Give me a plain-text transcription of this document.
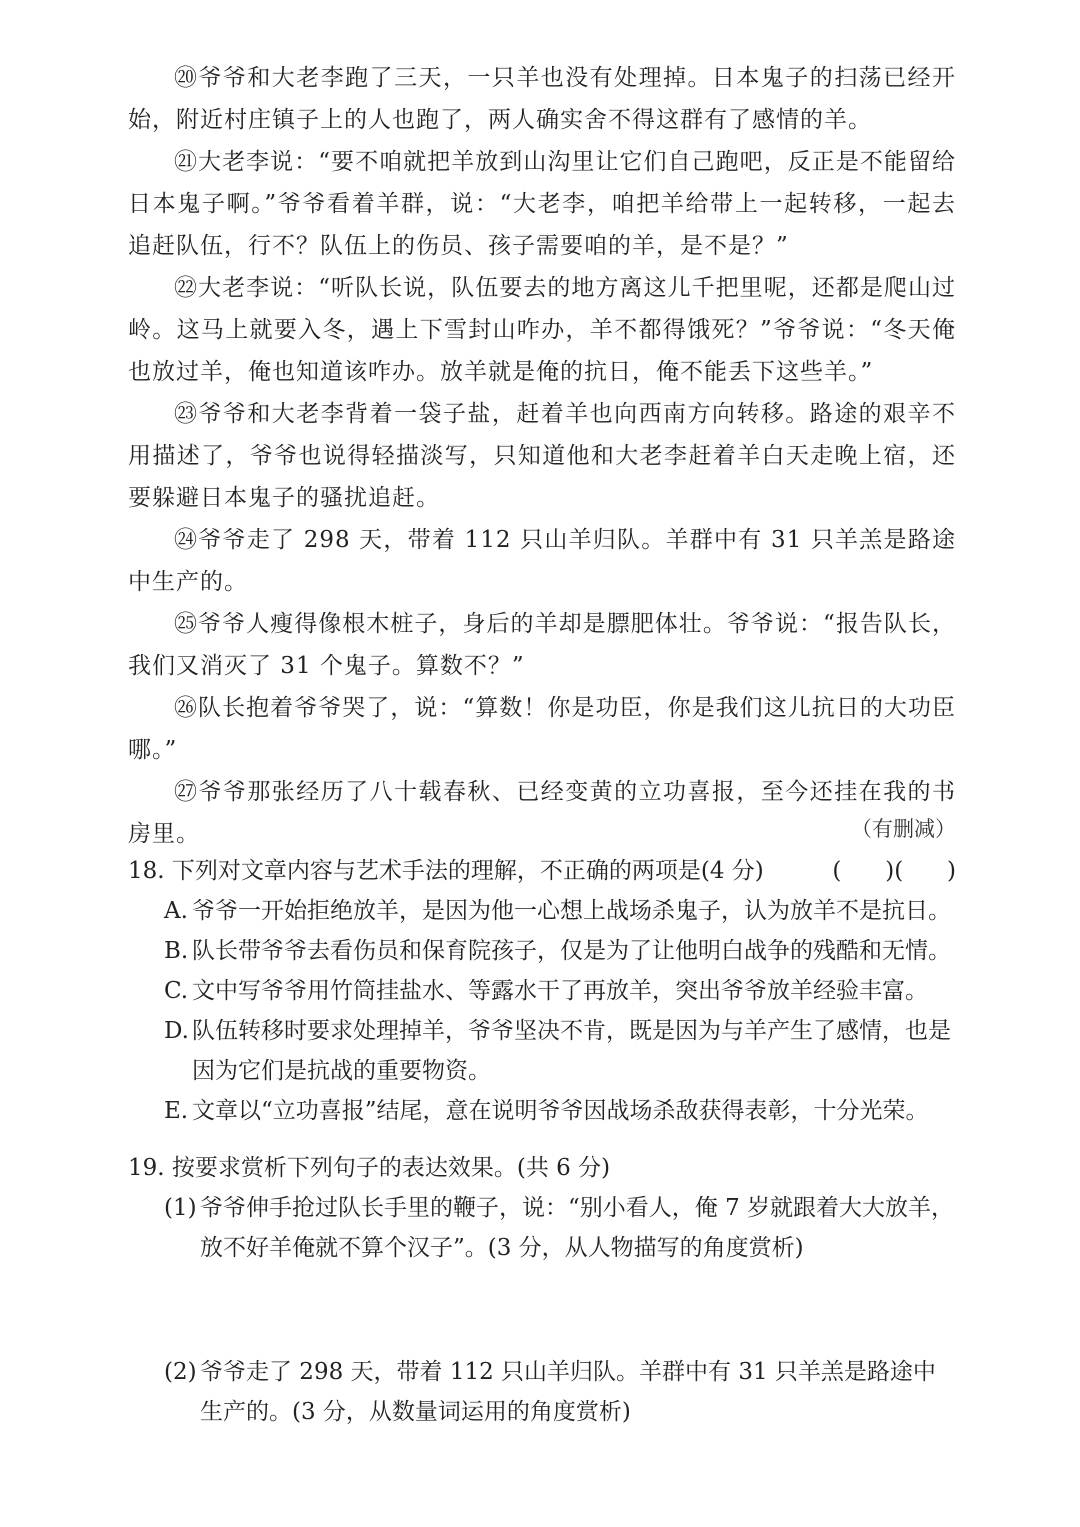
⑳爷爷和大老李跑了三天，一只羊也没有处理掉。日本鬼子的扫荡已经开始，附近村庄镇子上的人也跑了，两人确实舍不得这群有了感情的羊。

㉑大老李说：“要不咱就把羊放到山沟里让它们自己跑吧，反正是不能留给日本鬼子啊。”爷爷看着羊群，说：“大老李，咱把羊给带上一起转移，一起去追赶队伍，行不？队伍上的伤员、孩子需要咱的羊，是不是？”

㉒大老李说：“听队长说，队伍要去的地方离这儿千把里呢，还都是爬山过岭。这马上就要入冬，遇上下雪封山咋办，羊不都得饿死？”爷爷说：“冬天俺也放过羊，俺也知道该咋办。放羊就是俺的抗日，俺不能丢下这些羊。”

㉓爷爷和大老李背着一袋子盐，赶着羊也向西南方向转移。路途的艰辛不用描述了，爷爷也说得轻描淡写，只知道他和大老李赶着羊白天走晚上宿，还要躲避日本鬼子的骚扰追赶。

㉔爷爷走了 298 天，带着 112 只山羊归队。羊群中有 31 只羊羔是路途中生产的。

㉕爷爷人瘦得像根木桩子，身后的羊却是膘肥体壮。爷爷说：“报告队长，我们又消灭了 31 个鬼子。算数不？”

㉖队长抱着爷爷哭了，说：“算数！你是功臣，你是我们这儿抗日的大功臣哪。”

㉗爷爷那张经历了八十载春秋、已经变黄的立功喜报，至今还挂在我的书房里。	（有删减）
18. 下列对文章内容与艺术手法的理解，不正确的两项是(4 分)	(      )(      )
A. 爷爷一开始拒绝放羊，是因为他一心想上战场杀鬼子，认为放羊不是抗日。
B. 队长带爷爷去看伤员和保育院孩子，仅是为了让他明白战争的残酷和无情。
C. 文中写爷爷用竹筒挂盐水、等露水干了再放羊，突出爷爷放羊经验丰富。
D. 队伍转移时要求处理掉羊，爷爷坚决不肯，既是因为与羊产生了感情，也是因为它们是抗战的重要物资。
E. 文章以“立功喜报”结尾，意在说明爷爷因战场杀敌获得表彰，十分光荣。
19. 按要求赏析下列句子的表达效果。(共 6 分)
(1) 爷爷伸手抢过队长手里的鞭子，说：“别小看人，俺 7 岁就跟着大大放羊，放不好羊俺就不算个汉子”。(3 分，从人物描写的角度赏析)
(2) 爷爷走了 298 天，带着 112 只山羊归队。羊群中有 31 只羊羔是路途中生产的。(3 分，从数量词运用的角度赏析)
